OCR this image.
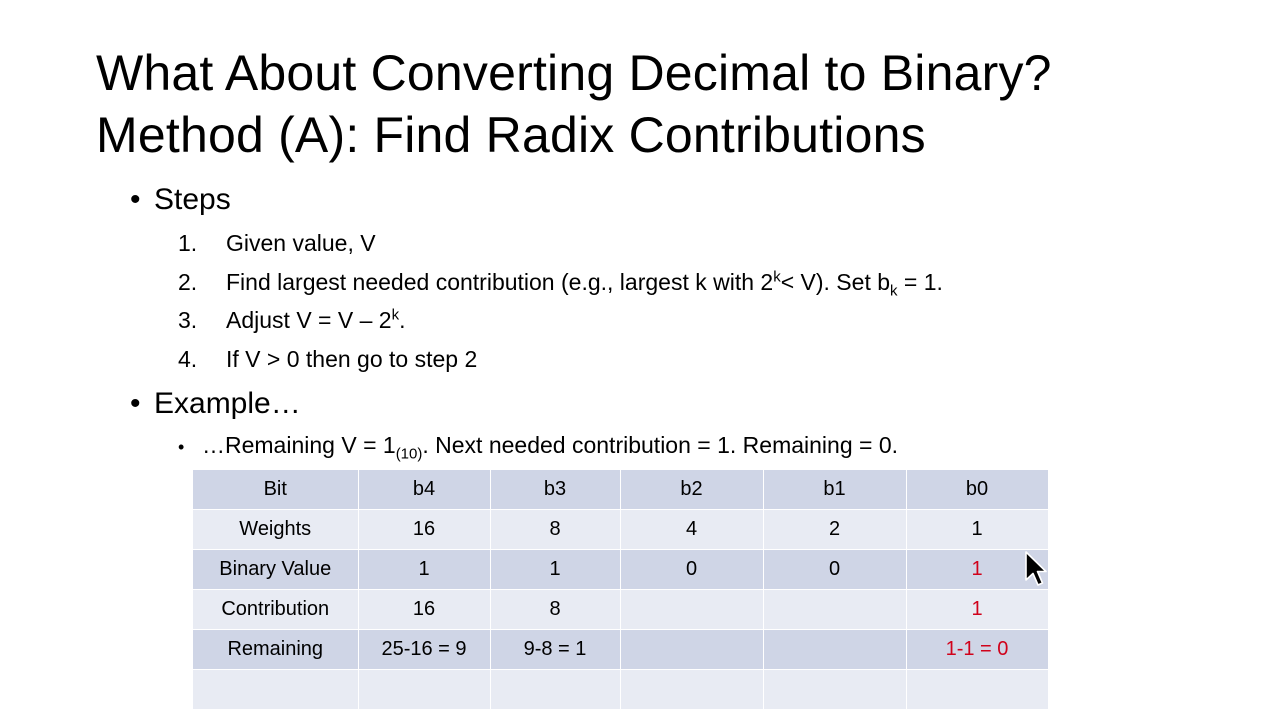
What About Converting Decimal to Binary?
Method (A): Find Radix Contributions
• Steps
1. Given value, V
2. Find largest needed contribution (e.g., largest k with $2^k< V$). Set $b_k = 1$.
3. Adjust V = V – 2$^k$.
4. If V > 0 then go to step 2
• Example…
• …Remaining $V = 1_{(10)}$. Next needed contribution = 1. Remaining = 0.
Bit	b4	b3	b2	b1	b0
Weights	16	8	4	2	1
Binary Value	1	1	0	0	1
Contribution	16	8			1
Remaining	25-16 = 9	9-8 = 1			1-1 = 0
